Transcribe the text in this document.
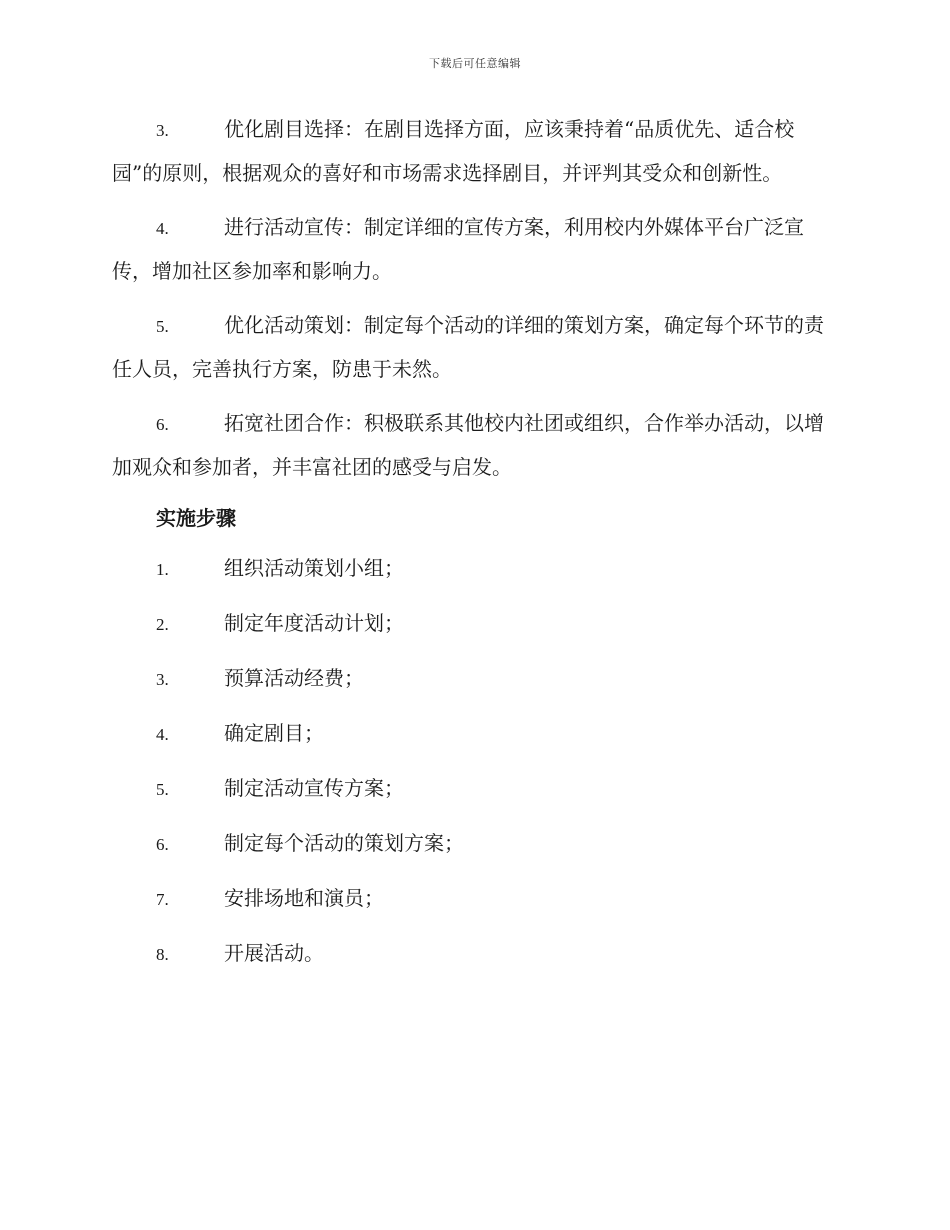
下载后可任意编辑

3.	优化剧目选择：在剧目选择方面，应该秉持着“品质优先、适合校园”的原则，根据观众的喜好和市场需求选择剧目，并评判其受众和创新性。

4.	进行活动宣传：制定详细的宣传方案，利用校内外媒体平台广泛宣传，增加社区参加率和影响力。

5.	优化活动策划：制定每个活动的详细的策划方案，确定每个环节的责任人员，完善执行方案，防患于未然。

6.	拓宽社团合作：积极联系其他校内社团或组织，合作举办活动，以增加观众和参加者，并丰富社团的感受与启发。

实施步骤
1.	组织活动策划小组；
2.	制定年度活动计划；
3.	预算活动经费；
4.	确定剧目；
5.	制定活动宣传方案；
6.	制定每个活动的策划方案；
7.	安排场地和演员；
8.	开展活动。
